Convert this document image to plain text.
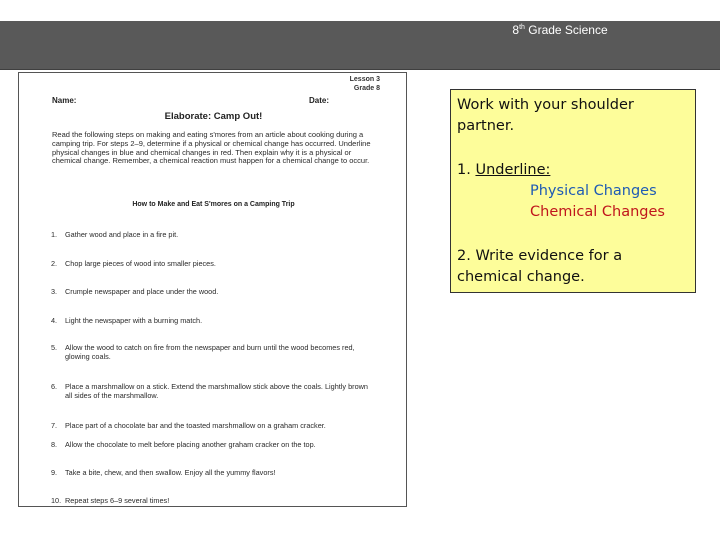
8th Grade Science
Lesson 3
Grade 8
Name:	Date:
Elaborate: Camp Out!
Read the following steps on making and eating s'mores from an article about cooking during a camping trip. For steps 2–9, determine if a physical or chemical change has occurred. Underline physical changes in blue and chemical changes in red. Then explain why it is a physical or chemical change. Remember, a chemical reaction must happen for a chemical change to occur.
How to Make and Eat S'mores on a Camping Trip
1. Gather wood and place in a fire pit.
2. Chop large pieces of wood into smaller pieces.
3. Crumple newspaper and place under the wood.
4. Light the newspaper with a burning match.
5. Allow the wood to catch on fire from the newspaper and burn until the wood becomes red, glowing coals.
6. Place a marshmallow on a stick. Extend the marshmallow stick above the coals. Lightly brown all sides of the marshmallow.
7. Place part of a chocolate bar and the toasted marshmallow on a graham cracker.
8. Allow the chocolate to melt before placing another graham cracker on the top.
9. Take a bite, chew, and then swallow. Enjoy all the yummy flavors!
10. Repeat steps 6–9 several times!
Work with your shoulder partner.
1. Underline:
Physical Changes
Chemical Changes
2. Write evidence for a chemical change.
